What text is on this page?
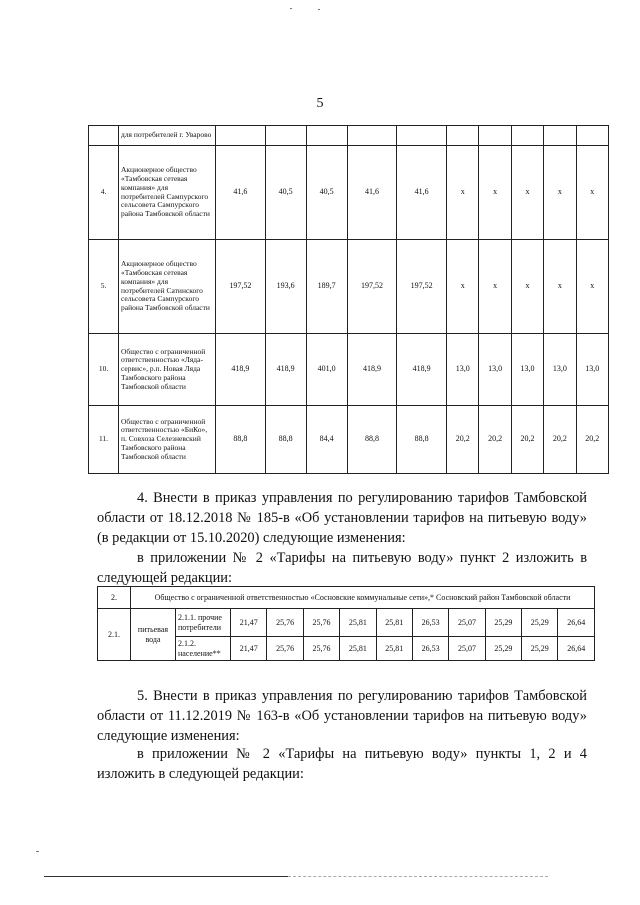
5
	для потребителей г. Уварово										
4.	Акционерное общество «Тамбовская сетевая компания» для потребителей Сампурского сельсовета Сампурского района Тамбовской области	41,6	40,5	40,5	41,6	41,6	х	х	х	х	х
5.	Акционерное общество «Тамбовская сетевая компания» для потребителей Сатинского сельсовета Сампурского района Тамбовской области	197,52	193,6	189,7	197,52	197,52	х	х	х	х	х
10.	Общество с ограниченной ответственностью «Ляда-сервис», р.п. Новая Ляда Тамбовского района Тамбовской области	418,9	418,9	401,0	418,9	418,9	13,0	13,0	13,0	13,0	13,0
11.	Общество с ограниченной ответственностью «БиКо», п. Совхоза Селезневский Тамбовского района Тамбовской области	88,8	88,8	84,4	88,8	88,8	20,2	20,2	20,2	20,2	20,2
4. Внести в приказ управления по регулированию тарифов Тамбовской области от 18.12.2018 № 185-в «Об установлении тарифов на питьевую воду» (в редакции от 15.10.2020) следующие изменения:
в приложении № 2 «Тарифы на питьевую воду» пункт 2 изложить в следующей редакции:
2.	Общество с ограниченной ответственностью «Сосновские коммунальные сети»,* Сосновский район Тамбовской области											
2.1.	питьевая вода	2.1.1. прочие потребители	21,47	25,76	25,76	25,81	25,81	26,53	25,07	25,29	25,29	26,64
		2.1.2. население**	21,47	25,76	25,76	25,81	25,81	26,53	25,07	25,29	25,29	26,64
5. Внести в приказ управления по регулированию тарифов Тамбовской области от 11.12.2019 № 163-в «Об установлении тарифов на питьевую воду» следующие изменения:
в приложении № 2 «Тарифы на питьевую воду» пункты 1, 2 и 4 изложить в следующей редакции:
